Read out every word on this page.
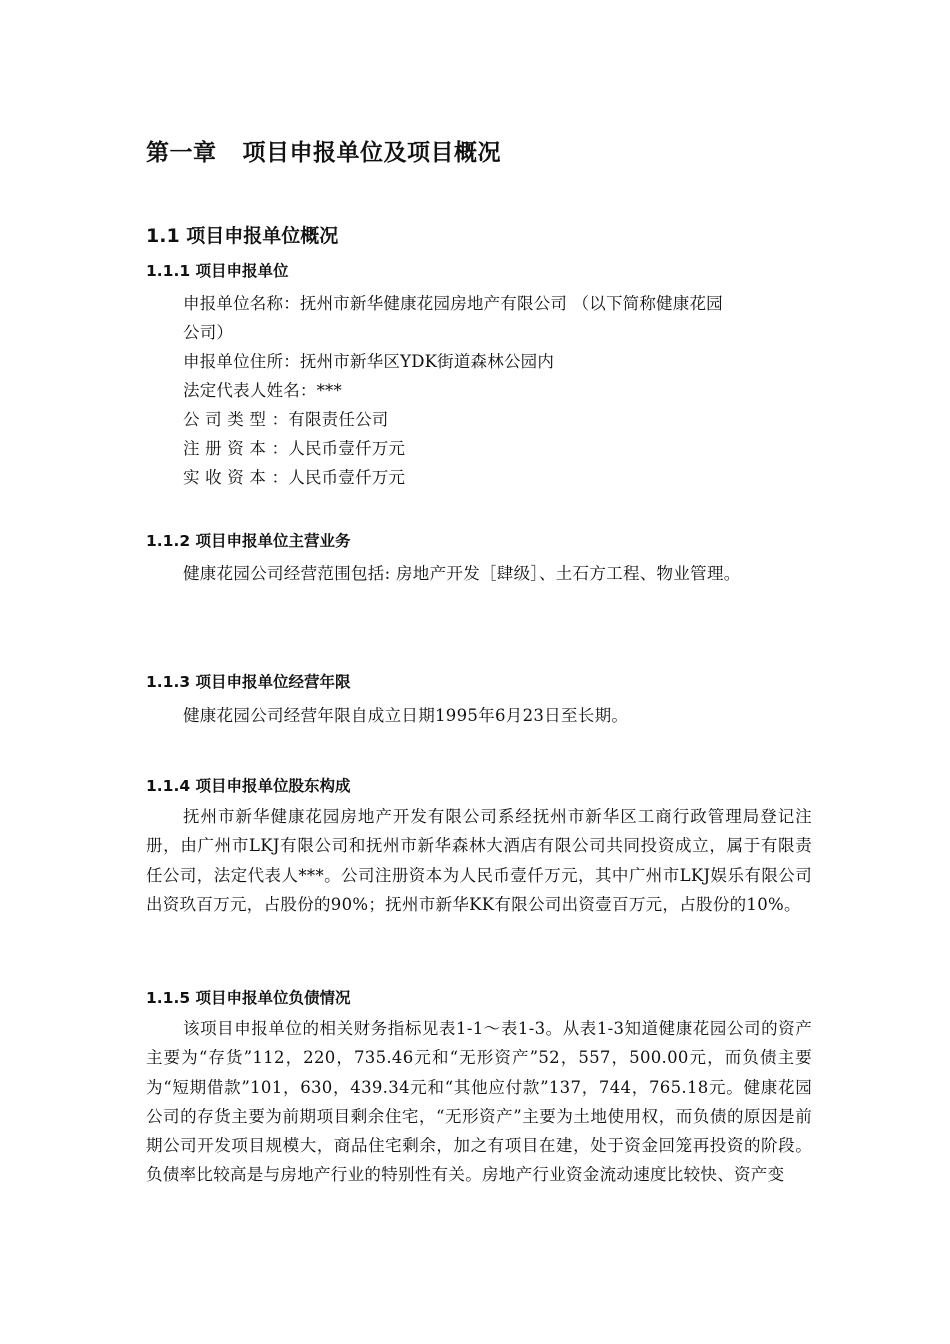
第一章 项目申报单位及项目概况
1.1 项目申报单位概况
1.1.1 项目申报单位
申报单位名称：抚州市新华健康花园房地产有限公司 （以下简称健康花园
公司）
申报单位住所：抚州市新华区YDK街道森林公园内
法定代表人姓名：***
公 司 类 型 ：有限责任公司
注 册 资 本 ：人民币壹仟万元
实 收 资 本 ：人民币壹仟万元
1.1.2 项目申报单位主营业务
健康花园公司经营范围包括: 房地产开发［肆级］、土石方工程、物业管理。
1.1.3 项目申报单位经营年限
健康花园公司经营年限自成立日期1995年6月23日至长期。
1.1.4 项目申报单位股东构成
抚州市新华健康花园房地产开发有限公司系经抚州市新华区工商行政管理局登记注册，由广州市LKJ有限公司和抚州市新华森林大酒店有限公司共同投资成立，属于有限责任公司，法定代表人***。公司注册资本为人民币壹仟万元，其中广州市LKJ娱乐有限公司出资玖百万元，占股份的90%；抚州市新华KK有限公司出资壹百万元，占股份的10%。
1.1.5 项目申报单位负债情况
该项目申报单位的相关财务指标见表1-1～表1-3。从表1-3知道健康花园公司的资产主要为“存货”112，220，735.46元和“无形资产”52，557，500.00元，而负债主要为“短期借款”101，630，439.34元和“其他应付款”137，744，765.18元。健康花园公司的存货主要为前期项目剩余住宅，“无形资产”主要为土地使用权，而负债的原因是前期公司开发项目规模大，商品住宅剩余，加之有项目在建，处于资金回笼再投资的阶段。负债率比较高是与房地产行业的特别性有关。房地产行业资金流动速度比较快、资产变
